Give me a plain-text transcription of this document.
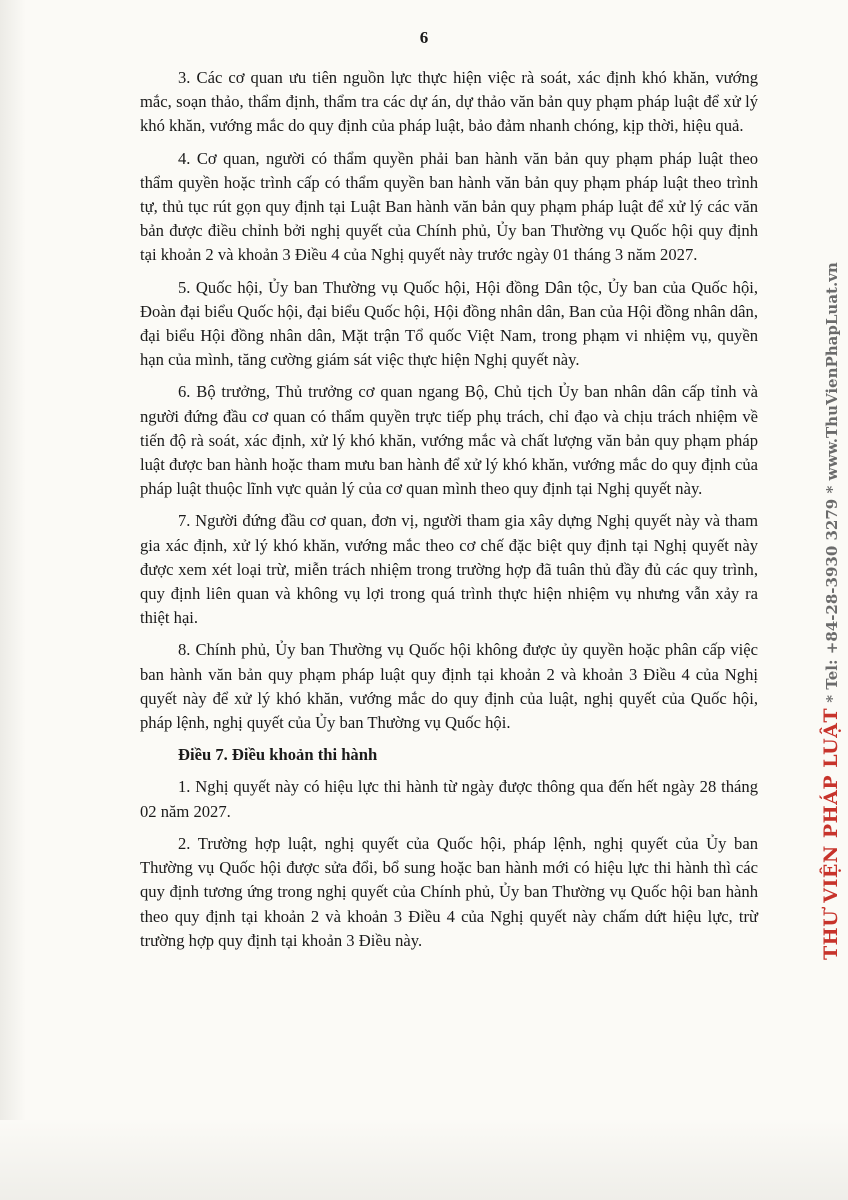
6

3. Các cơ quan ưu tiên nguồn lực thực hiện việc rà soát, xác định khó khăn, vướng mắc, soạn thảo, thẩm định, thẩm tra các dự án, dự thảo văn bản quy phạm pháp luật để xử lý khó khăn, vướng mắc do quy định của pháp luật, bảo đảm nhanh chóng, kịp thời, hiệu quả.

4. Cơ quan, người có thẩm quyền phải ban hành văn bản quy phạm pháp luật theo thẩm quyền hoặc trình cấp có thẩm quyền ban hành văn bản quy phạm pháp luật theo trình tự, thủ tục rút gọn quy định tại Luật Ban hành văn bản quy phạm pháp luật để xử lý các văn bản được điều chỉnh bởi nghị quyết của Chính phủ, Ủy ban Thường vụ Quốc hội quy định tại khoản 2 và khoản 3 Điều 4 của Nghị quyết này trước ngày 01 tháng 3 năm 2027.

5. Quốc hội, Ủy ban Thường vụ Quốc hội, Hội đồng Dân tộc, Ủy ban của Quốc hội, Đoàn đại biểu Quốc hội, đại biểu Quốc hội, Hội đồng nhân dân, Ban của Hội đồng nhân dân, đại biểu Hội đồng nhân dân, Mặt trận Tổ quốc Việt Nam, trong phạm vi nhiệm vụ, quyền hạn của mình, tăng cường giám sát việc thực hiện Nghị quyết này.

6. Bộ trưởng, Thủ trưởng cơ quan ngang Bộ, Chủ tịch Ủy ban nhân dân cấp tỉnh và người đứng đầu cơ quan có thẩm quyền trực tiếp phụ trách, chỉ đạo và chịu trách nhiệm về tiến độ rà soát, xác định, xử lý khó khăn, vướng mắc và chất lượng văn bản quy phạm pháp luật được ban hành hoặc tham mưu ban hành để xử lý khó khăn, vướng mắc do quy định của pháp luật thuộc lĩnh vực quản lý của cơ quan mình theo quy định tại Nghị quyết này.

7. Người đứng đầu cơ quan, đơn vị, người tham gia xây dựng Nghị quyết này và tham gia xác định, xử lý khó khăn, vướng mắc theo cơ chế đặc biệt quy định tại Nghị quyết này được xem xét loại trừ, miễn trách nhiệm trong trường hợp đã tuân thủ đầy đủ các quy trình, quy định liên quan và không vụ lợi trong quá trình thực hiện nhiệm vụ nhưng vẫn xảy ra thiệt hại.

8. Chính phủ, Ủy ban Thường vụ Quốc hội không được ủy quyền hoặc phân cấp việc ban hành văn bản quy phạm pháp luật quy định tại khoản 2 và khoản 3 Điều 4 của Nghị quyết này để xử lý khó khăn, vướng mắc do quy định của luật, nghị quyết của Quốc hội, pháp lệnh, nghị quyết của Ủy ban Thường vụ Quốc hội.

Điều 7. Điều khoản thi hành

1. Nghị quyết này có hiệu lực thi hành từ ngày được thông qua đến hết ngày 28 tháng 02 năm 2027.

2. Trường hợp luật, nghị quyết của Quốc hội, pháp lệnh, nghị quyết của Ủy ban Thường vụ Quốc hội được sửa đổi, bổ sung hoặc ban hành mới có hiệu lực thi hành thì các quy định tương ứng trong nghị quyết của Chính phủ, Ủy ban Thường vụ Quốc hội ban hành theo quy định tại khoản 2 và khoản 3 Điều 4 của Nghị quyết này chấm dứt hiệu lực, trừ trường hợp quy định tại khoản 3 Điều này.	THƯ VIỆN PHÁP LUẬT * Tel: +84-28-3930 3279 * www.ThuVienPhapLuat.vn
